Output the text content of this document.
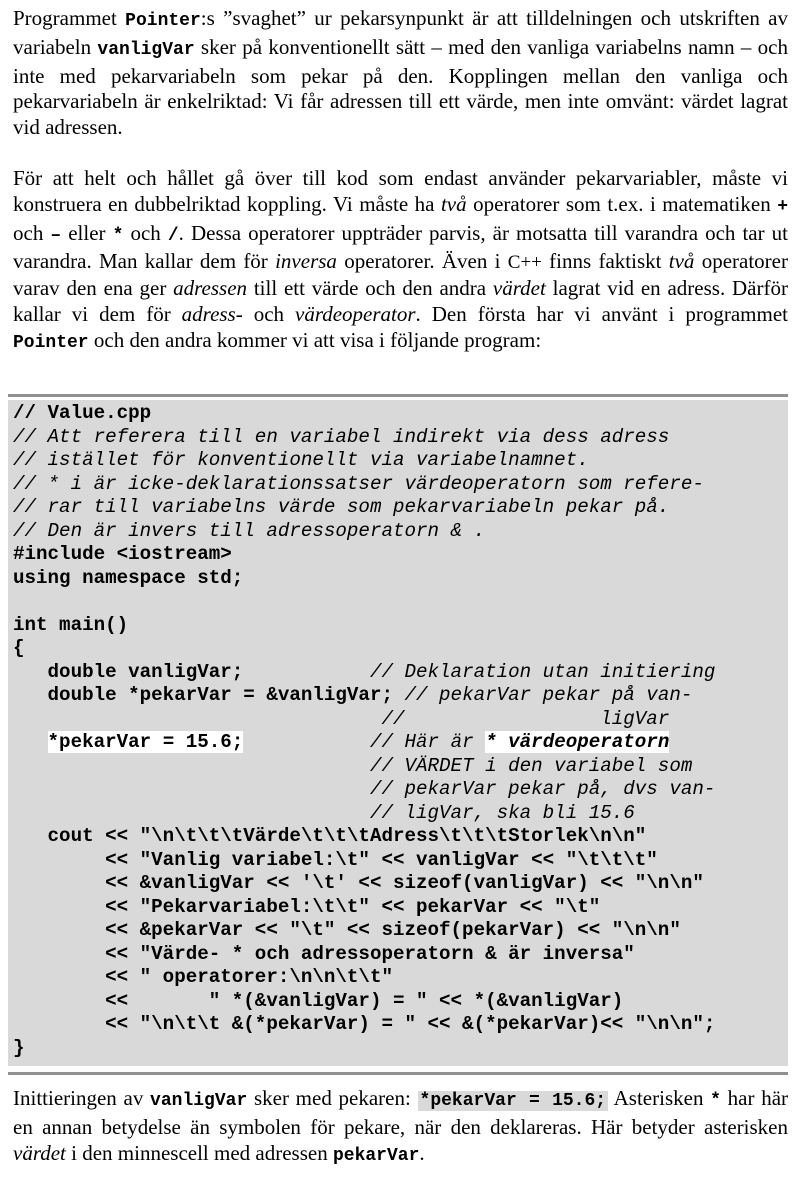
Programmet Pointer:s ”svaghet” ur pekarsynpunkt är att tilldelningen och utskriften av variabeln vanligVar sker på konventionellt sätt – med den vanliga variabelns namn – och inte med pekarvariabeln som pekar på den. Kopplingen mellan den vanliga och pekarvariabeln är enkelriktad: Vi får adressen till ett värde, men inte omvänt: värdet lagrat vid adressen.

För att helt och hållet gå över till kod som endast använder pekarvariabler, måste vi konstruera en dubbelriktad koppling. Vi måste ha två operatorer som t.ex. i matematiken + och – eller * och /. Dessa operatorer uppträder parvis, är motsatta till varandra och tar ut varandra. Man kallar dem för inversa operatorer. Även i C++ finns faktiskt två operatorer varav den ena ger adressen till ett värde och den andra värdet lagrat vid en adress. Därför kallar vi dem för adress- och värdeoperator. Den första har vi använt i programmet Pointer och den andra kommer vi att visa i följande program:

Inittieringen av vanligVar sker med pekaren: *pekarVar = 15.6; Asterisken * har här en annan betydelse än symbolen för pekare, när den deklareras. Här betyder asterisken värdet i den minnescell med adressen pekarVar.

// Value.cpp
// Att referera till en variabel indirekt via dess adress
// istället för konventionellt via variabelnamnet.
// * i är icke-deklarationssatser värdeoperatorn som refere-
// rar till variabelns värde som pekarvariabeln pekar på.
// Den är invers till adressoperatorn & .
#include <iostream>
using namespace std;

int main()
{
double vanligVar;           // Deklaration utan initiering
double *pekarVar = &vanligVar; // pekarVar pekar på van-
//                 ligVar
*pekarVar = 15.6;	// Här är * värdeoperatorn
// VÄRDET i den variabel som
// pekarVar pekar på, dvs van-
// ligVar, ska bli 15.6
cout << "\n\t\t\tVärde\t\t\tAdress\t\t\tStorlek\n\n"
<< "Vanlig variabel:\t" << vanligVar << "\t\t\t"
<< &vanligVar << '\t' << sizeof(vanligVar) << "\n\n"
<< "Pekarvariabel:\t\t" << pekarVar << "\t"
<< &pekarVar << "\t" << sizeof(pekarVar) << "\n\n"
<< "Värde- * och adressoperatorn & är inversa"
<< " operatorer:\n\n\t\t"
<<       " *(&vanligVar) = " << *(&vanligVar)
<< "\n\t\t &(*pekarVar) = " << &(*pekarVar)<< "\n\n";
}
